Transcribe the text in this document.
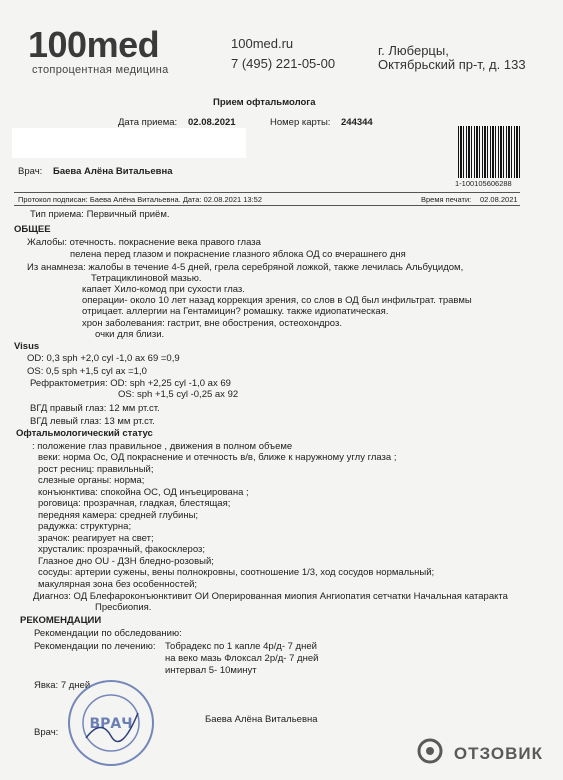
100med
стопроцентная медицина
100med.ru
7 (495) 221-05-00
г. Люберцы,
Октябрьский пр-т, д. 133
Прием офтальмолога
Дата приема: 02.08.2021	Номер карты: 244344
1-100105606288
Врач: Баева Алёна Витальевна
Протокол подписан: Баева Алёна Витальевна. Дата: 02.08.2021 13:52	Время печати: 02.08.2021
Тип приема: Первичный приём.
ОБЩЕЕ
Жалобы: отечность. покраснение века правого глаза
пелена перед глазом и покраснение глазного яблока ОД со вчерашнего дня
Из анамнеза: жалобы в течение 4-5 дней, грела серебряной ложкой, также лечилась Альбуцидом,
Тетрациклиновой мазью.
капает Хило-комод при сухости глаз.
операции- около 10 лет назад коррекция зрения, со слов в ОД был инфильтрат. травмы
отрицает. аллергии на Гентамицин? ромашку. также идиопатическая.
хрон заболевания: гастрит, вне обострения, остеохондроз.
очки для близи.
Visus
OD: 0,3 sph +2,0 cyl -1,0 ax 69 =0,9
OS: 0,5 sph +1,5 cyl ax =1,0
Рефрактометрия: OD: sph +2,25 cyl -1,0 ax 69
OS: sph +1,5 cyl -0,25 ax 92
ВГД правый глаз: 12 мм рт.ст.
ВГД левый глаз: 13 мм рт.ст.
Офтальмологический статус
: положение глаз правильное , движения в полном объеме
веки: норма Ос, ОД покраснение и отечность в/в, ближе к наружному углу глаза ;
рост ресниц: правильный;
слезные органы: норма;
конъюнктива: спокойна ОС, ОД инъецирована ;
роговица: прозрачная, гладкая, блестящая;
передняя камера: средней глубины;
радужка: структурна;
зрачок: реагирует на свет;
хрусталик: прозрачный, факосклероз;
Глазное дно ОU - ДЗН бледно-розовый;
сосуды: артерии сужены, вены полнокровны, соотношение 1/3, ход сосудов нормальный;
макулярная зона без особенностей;
Диагноз: ОД Блефароконъюнктивит ОИ Оперированная миопия Ангиопатия сетчатки Начальная катаракта
Пресбиопия.
РЕКОМЕНДАЦИИ
Рекомендации по обследованию:
Рекомендации по лечению: Тобрадекс по 1 капле 4р/д- 7 дней
на веко мазь Флоксал 2р/д- 7 дней
интервал 5- 10минут
Явка: 7 дней
Врач:
Баева Алёна Витальевна
ВРАЧ
ОТЗОВИК
